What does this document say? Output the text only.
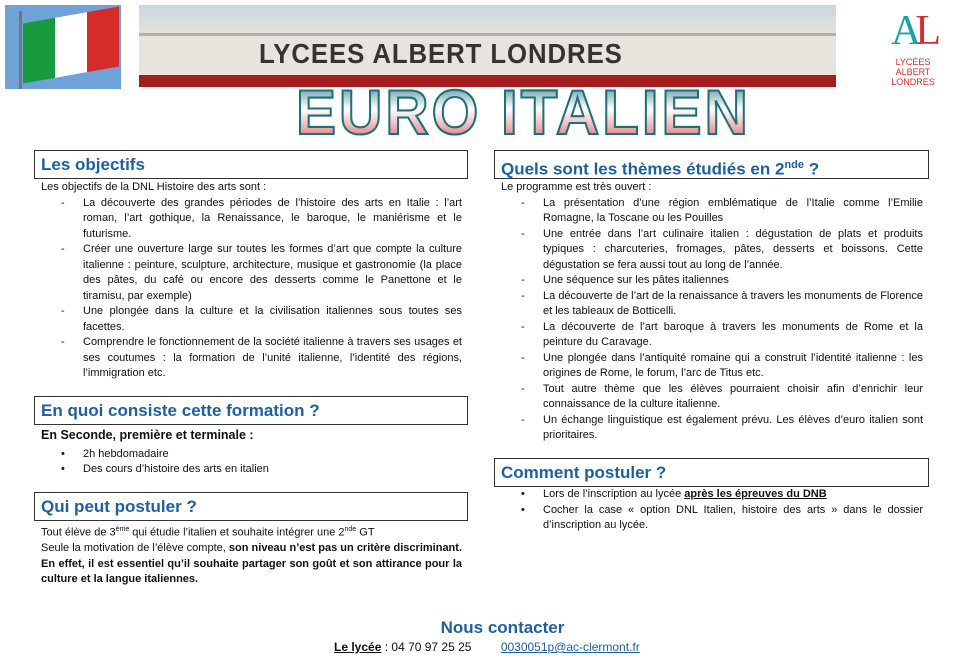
LYCEES ALBERT LONDRES
EURO ITALIEN
AL
LYCÉES
ALBERT LONDRES
Les objectifs
Les objectifs de la DNL Histoire des arts sont :
- La découverte des grandes périodes de l’histoire des arts en Italie : l’art roman, l’art gothique, la Renaissance, le baroque, le maniérisme et le futurisme.
- Créer une ouverture large sur toutes les formes d’art que compte la culture italienne : peinture, sculpture, architecture, musique et gastronomie (la place des pâtes, du café ou encore des desserts comme le Panettone et le tiramisu, par exemple)
- Une plongée dans la culture et la civilisation italiennes sous toutes ses facettes.
- Comprendre le fonctionnement de la société italienne à travers ses usages et ses coutumes : la formation de l’unité italienne, l’identité des régions, l’immigration etc.
En quoi consiste cette formation ?
En Seconde, première et terminale :
• 2h hebdomadaire
• Des cours d’histoire des arts en italien
Qui peut postuler ?
Tout élève de 3ème qui étudie l’italien et souhaite intégrer une 2nde GT
Seule la motivation de l’élève compte, son niveau n’est pas un critère discriminant. En effet, il est essentiel qu’il souhaite partager son goût et son attirance pour la culture et la langue italiennes.
Quels sont les thèmes étudiés en 2nde ?
Le programme est très ouvert :
- La présentation d’une région emblématique de l’Italie comme l’Emilie Romagne, la Toscane ou les Pouilles
- Une entrée dans l’art culinaire italien : dégustation de plats et produits typiques : charcuteries, fromages, pâtes, desserts et boissons. Cette dégustation se fera aussi tout au long de l’année.
- Une séquence sur les pâtes italiennes
- La découverte de l’art de la renaissance à travers les monuments de Florence et les tableaux de Botticelli.
- La découverte de l’art baroque à travers les monuments de Rome et la peinture du Caravage.
- Une plongée dans l’antiquité romaine qui a construit l’identité italienne : les origines de Rome, le forum, l’arc de Titus etc.
- Tout autre thème que les élèves pourraient choisir afin d’enrichir leur connaissance de la culture italienne.
- Un échange linguistique est également prévu. Les élèves d’euro italien sont prioritaires.
Comment postuler ?
• Lors de l’inscription au lycée après les épreuves du DNB
• Cocher la case « option DNL Italien, histoire des arts » dans le dossier d’inscription au lycée.
Nous contacter
Le lycée : 04 70 97 25 25 0030051p@ac-clermont.fr
